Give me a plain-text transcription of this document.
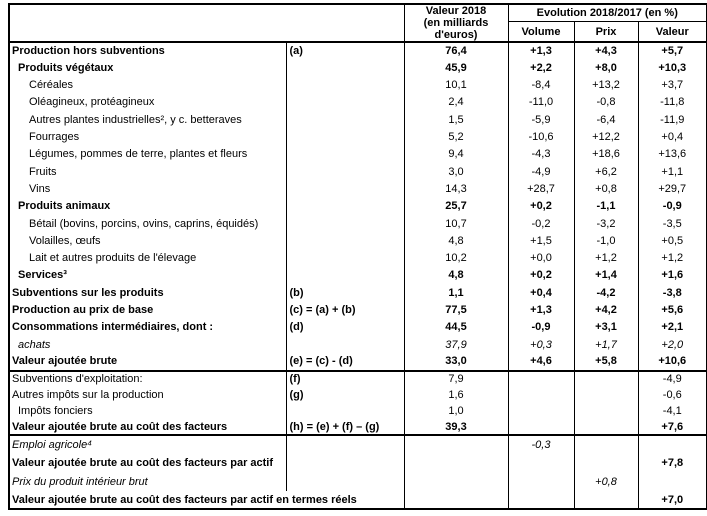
		Valeur 2018
(en milliards
d'euros)	Evolution 2018/2017 (en %)		
			Volume	Prix	Valeur
Production hors subventions	(a)	76,4	+1,3	+4,3	+5,7
Produits végétaux		45,9	+2,2	+8,0	+10,3
Céréales		10,1	-8,4	+13,2	+3,7
Oléagineux, protéagineux		2,4	-11,0	-0,8	-11,8
Autres plantes industrielles², y c. betteraves		1,5	-5,9	-6,4	-11,9
Fourrages		5,2	-10,6	+12,2	+0,4
Légumes, pommes de terre, plantes et fleurs		9,4	-4,3	+18,6	+13,6
Fruits		3,0	-4,9	+6,2	+1,1
Vins		14,3	+28,7	+0,8	+29,7
Produits animaux		25,7	+0,2	-1,1	-0,9
Bétail (bovins, porcins, ovins, caprins, équidés)		10,7	-0,2	-3,2	-3,5
Volailles, œufs		4,8	+1,5	-1,0	+0,5
Lait et autres produits de l'élevage		10,2	+0,0	+1,2	+1,2
Services³		4,8	+0,2	+1,4	+1,6
Subventions sur les produits	(b)	1,1	+0,4	-4,2	-3,8
Production au prix de base	(c) = (a) + (b)	77,5	+1,3	+4,2	+5,6
Consommations intermédiaires, dont :	(d)	44,5	-0,9	+3,1	+2,1
achats		37,9	+0,3	+1,7	+2,0
Valeur ajoutée brute	(e) = (c) - (d)	33,0	+4,6	+5,8	+10,6
Subventions d'exploitation:	(f)	7,9			-4,9
Autres impôts sur la production	(g)	1,6			-0,6
Impôts fonciers		1,0			-4,1
Valeur ajoutée brute au coût des facteurs	(h) = (e) + (f) – (g)	39,3			+7,6
Emploi agricole⁴			-0,3		
Valeur ajoutée brute au coût des facteurs par actif					+7,8
Prix du produit intérieur brut				+0,8	
Valeur ajoutée brute au coût des facteurs par actif en termes réels					+7,0
